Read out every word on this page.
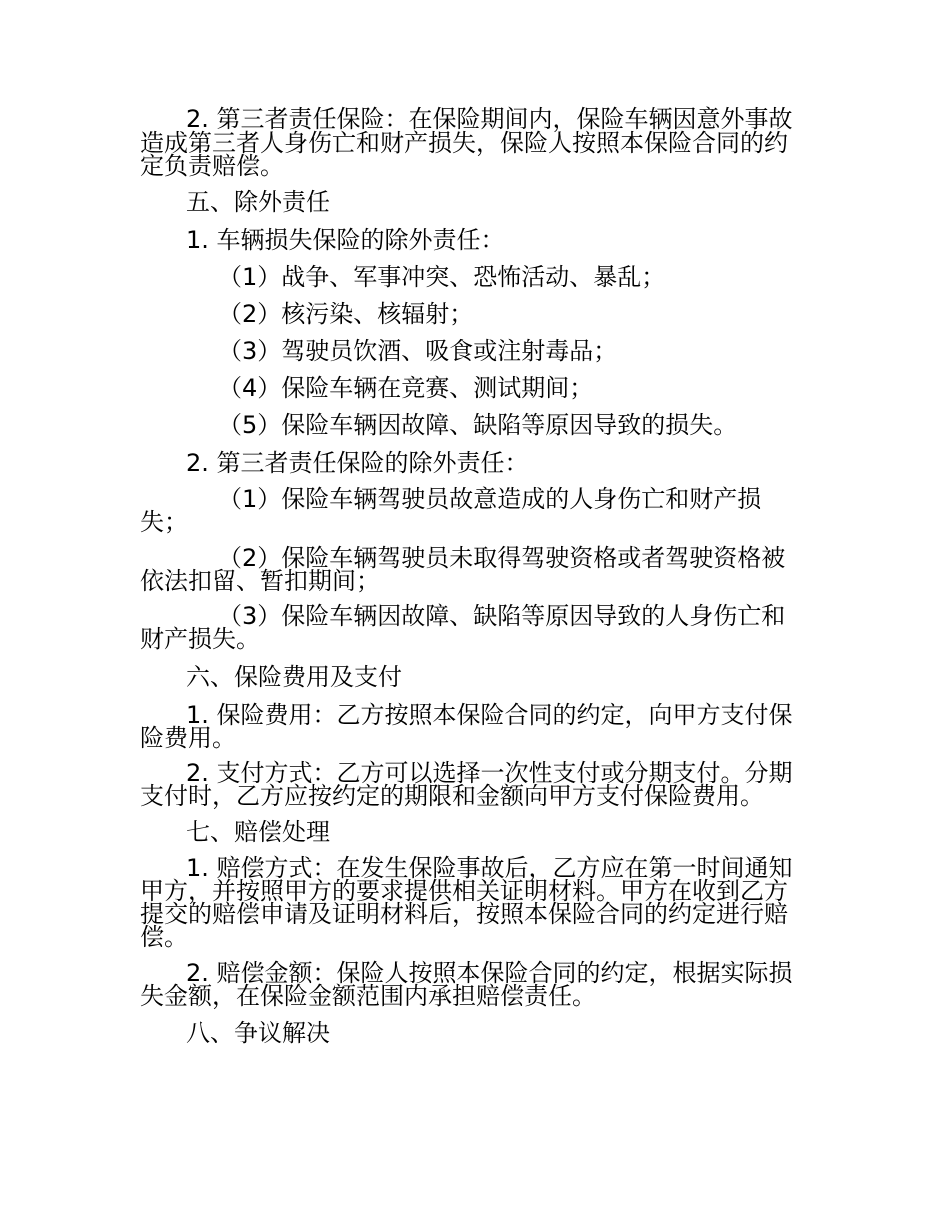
2. 第三者责任保险：在保险期间内，保险车辆因意外事故
造成第三者人身伤亡和财产损失，保险人按照本保险合同的约
定负责赔偿。
五、除外责任
1. 车辆损失保险的除外责任：
（1）战争、军事冲突、恐怖活动、暴乱；
（2）核污染、核辐射；
（3）驾驶员饮酒、吸食或注射毒品；
（4）保险车辆在竞赛、测试期间；
（5）保险车辆因故障、缺陷等原因导致的损失。
2. 第三者责任保险的除外责任：
（1）保险车辆驾驶员故意造成的人身伤亡和财产损
失；
（2）保险车辆驾驶员未取得驾驶资格或者驾驶资格被
依法扣留、暂扣期间；
（3）保险车辆因故障、缺陷等原因导致的人身伤亡和
财产损失。
六、保险费用及支付
1. 保险费用：乙方按照本保险合同的约定，向甲方支付保
险费用。
2. 支付方式：乙方可以选择一次性支付或分期支付。分期
支付时，乙方应按约定的期限和金额向甲方支付保险费用。
七、赔偿处理
1. 赔偿方式：在发生保险事故后，乙方应在第一时间通知
甲方，并按照甲方的要求提供相关证明材料。甲方在收到乙方
提交的赔偿申请及证明材料后，按照本保险合同的约定进行赔
偿。
2. 赔偿金额：保险人按照本保险合同的约定，根据实际损
失金额，在保险金额范围内承担赔偿责任。
八、争议解决
